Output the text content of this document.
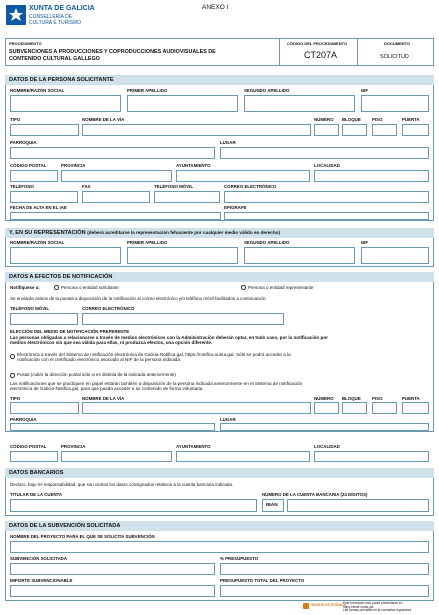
XUNTA DE GALICIA
CONSELLERÍA DE
CULTURA E TURISMO
ANEXO I
PROCEDIMENTO
SUBVENCIONES A PRODUCCIONES Y COPRODUCCIONES AUDIOVISUALES DE
CONTENIDO CULTURAL GALLEGO
CÓDIGO DEL PROCEDIMIENTO
CT207A
DOCUMENTO
SOLICITUD
DATOS DE LA PERSONA SOLICITANTE
NOMBRE/RAZÓN SOCIAL	PRIMER APELLIDO	SEGUNDO APELLIDO	NIF
TIPO	NOMBRE DE LA VÍA	NÚMERO BLOQUE	PISO	PUERTA
PARROQUIA	LUGAR
CÓDIGO POSTAL	PROVINCIA	AYUNTAMIENTO	LOCALIDAD
TELÉFONO	FAX	TELÉFONO MÓVIL	CORREO ELECTRÓNICO
FECHA DE ALTA EN EL IAE	EPÍGRAFE
Y, EN SU REPRESENTACIÓN (deberá acreditarse la representación fehaciente por cualquier medio válido en derecho)
NOMBRE/RAZÓN SOCIAL	PRIMER APELLIDO	SEGUNDO APELLIDO	NIF
DATOS A EFECTOS DE NOTIFICACIÓN
Notifíquese a:	Persona o entidad solicitante	Persona o entidad representante
Se enviarán avisos de la puesta a disposición de la notificación al correo electrónico y/o teléfono móvil facilitados a continuación:
TELÉFONO MÓVIL	CORREO ELECTRÓNICO
ELECCIÓN DEL MEDIO DE NOTIFICACIÓN PREFERENTE
Las personas obligadas a relacionarse a través de medios electrónicos con la Administración deberán optar, en todo caso, por la notificación por
medios electrónicos sin que sea válida para ellas, ni produzca efectos, una opción diferente.
Electrónica a través del Sistema de notificación electrónica de Galicia-Notifica.gal, https://notifica.xunta.gal. Sólo se podrá acceder a la
notificación con el certificado electrónico asociado al NIF de la persona indicada.
Postal (cubrir la dirección postal sólo si es distinta de la indicada anteriormente)
Las notificaciones que se practiquen en papel estarán también a disposición de la persona indicada anteriormente en el Sistema de notificación
electrónica de Galicia-Notifica.gal, para que pueda acceder a su contenido de forma voluntaria.
TIPO	NOMBRE DE LA VÍA	NÚMERO BLOQUE	PISO	PUERTA
PARROQUIA	LUGAR
CÓDIGO POSTAL	PROVINCIA	AYUNTAMIENTO	LOCALIDAD
DATOS BANCARIOS
Declaro, bajo mi responsabilidad, que son ciertos los datos consignados relativos a la cuenta bancaria indicada.
TITULAR DE LA CUENTA	NÚMERO DE LA CUENTA BANCARIA (24 DÍGITOS)
IBAN
DATOS DE LA SUBVENCIÓN SOLICITADA
NOMBRE DEL PROYECTO PARA EL QUE SE SOLICITA SUBVENCIÓN
SUBVENCIÓN SOLICITADA	% PRESUPUESTO
IMPORTE SUBVENCIONABLE	PRESUPUESTO TOTAL DEL PROYECTO
SEDE ELECTRÓNICA
Este formulario sólo podrá presentarse en
https://sede.xunta.gal
Las formas previstas en la normativa reguladora
